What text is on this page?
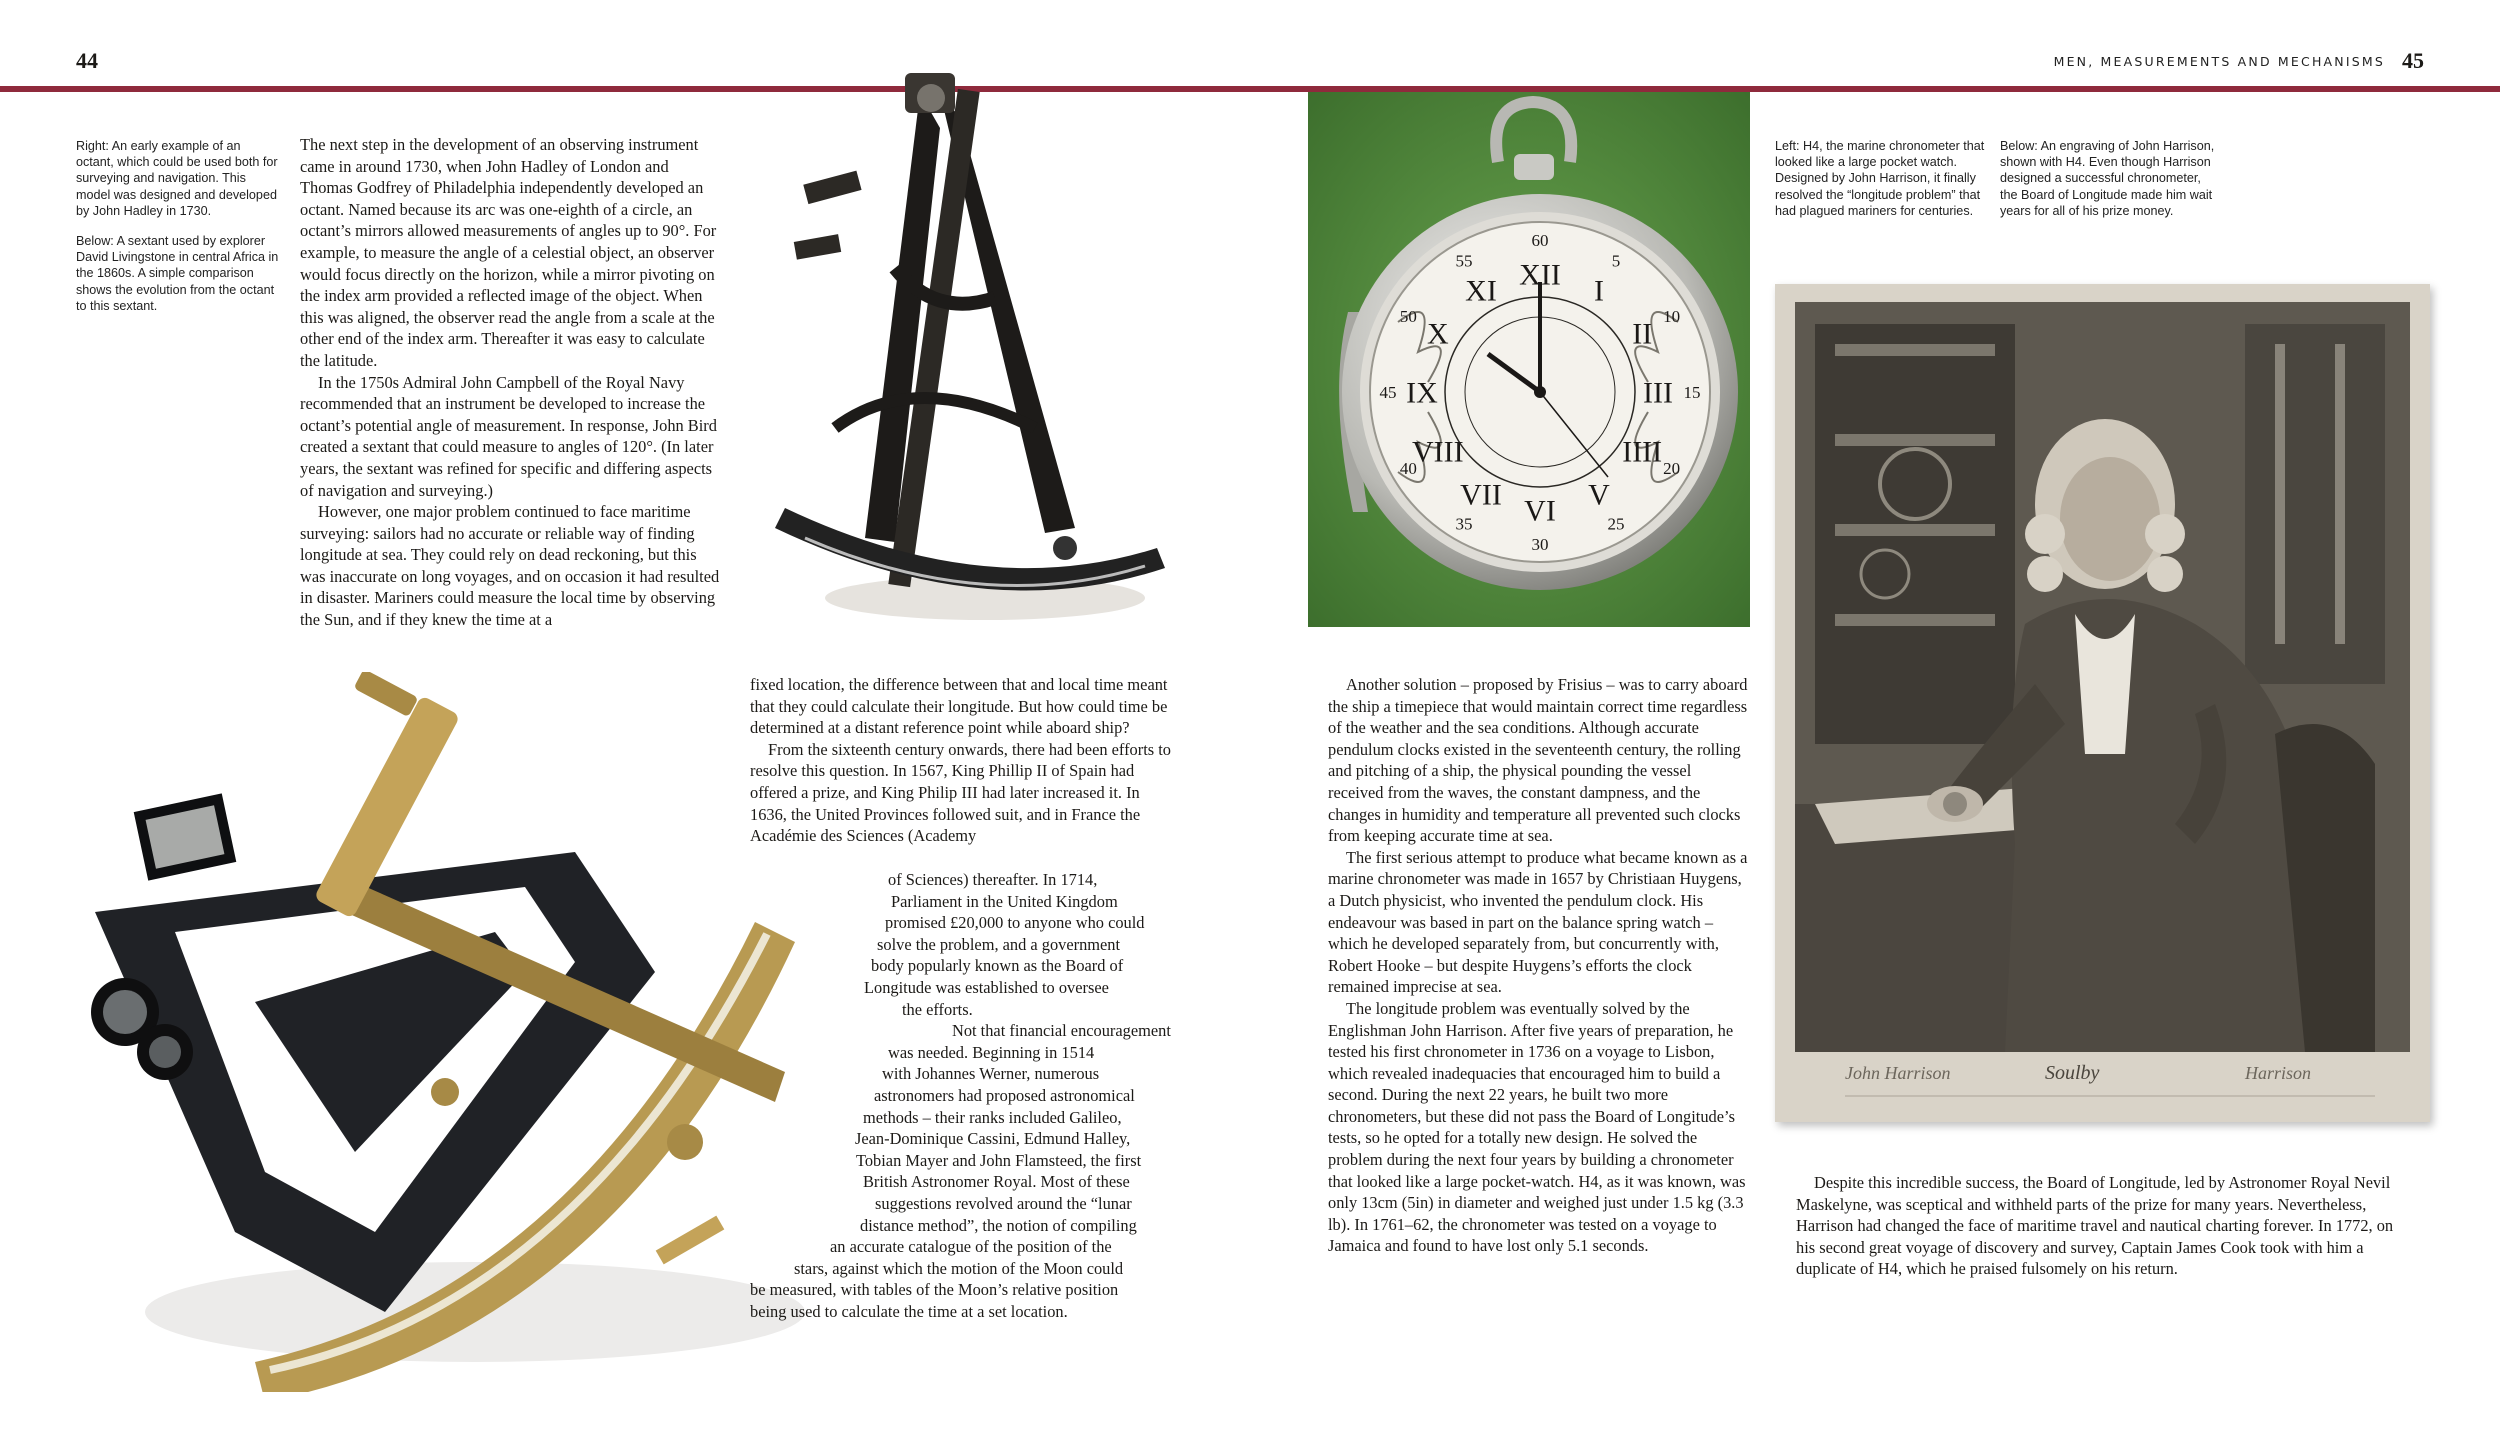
44	MEN, MEASUREMENTS AND MECHANISMS 45

Right: An early example of an octant, which could be used both for surveying and navigation. This model was designed and developed by John Hadley in 1730.

Below: A sextant used by explorer David Livingstone in central Africa in the 1860s. A simple comparison shows the evolution from the octant to this sextant.

The next step in the development of an observing instrument came in around 1730, when John Hadley of London and Thomas Godfrey of Philadelphia independently developed an octant. Named because its arc was one-eighth of a circle, an octant’s mirrors allowed measurements of angles up to 90°. For example, to measure the angle of a celestial object, an observer would focus directly on the horizon, while a mirror pivoting on the index arm provided a reflected image of the object. When this was aligned, the observer read the angle from a scale at the other end of the index arm. Thereafter it was easy to calculate the latitude.

In the 1750s Admiral John Campbell of the Royal Navy recommended that an instrument be developed to increase the octant’s potential angle of measurement. In response, John Bird created a sextant that could measure to angles of 120°. (In later years, the sextant was refined for specific and differing aspects of navigation and surveying.)

However, one major problem continued to face maritime surveying: sailors had no accurate or reliable way of finding longitude at sea. They could rely on dead reckoning, but this was inaccurate on long voyages, and on occasion it had resulted in disaster. Mariners could measure the local time by observing the Sun, and if they knew the time at a

fixed location, the difference between that and local time meant that they could calculate their longitude. But how could time be determined at a distant reference point while aboard ship?

From the sixteenth century onwards, there had been efforts to resolve this question. In 1567, King Phillip II of Spain had offered a prize, and King Philip III had later increased it. In 1636, the United Provinces followed suit, and in France the Académie des Sciences (Academy

of Sciences) thereafter. In 1714,
Parliament in the United Kingdom
promised £20,000 to anyone who could
solve the problem, and a government
body popularly known as the Board of
Longitude was established to oversee
the efforts.
Not that financial encouragement
was needed. Beginning in 1514
with Johannes Werner, numerous
astronomers had proposed astronomical
methods – their ranks included Galileo,
Jean-Dominique Cassini, Edmund Halley,
Tobian Mayer and John Flamsteed, the first
British Astronomer Royal. Most of these
suggestions revolved around the “lunar
distance method”, the notion of compiling
an accurate catalogue of the position of the
stars, against which the motion of the Moon could
be measured, with tables of the Moon’s relative position
being used to calculate the time at a set location.
XII I
II
III
IIII
V
VI
VII
VIII
IX
X
XI
60
5
10
15
20
25
30
35
40
45
50
55
Left: H4, the marine chronometer that looked like a large pocket watch. Designed by John Harrison, it finally resolved the “longitude problem” that had plagued mariners for centuries.
Below: An engraving of John Harrison, shown with H4. Even though Harrison designed a successful chronometer, the Board of Longitude made him wait years for all of his prize money.
John Harrison	Soulby	Harrison

Another solution – proposed by Frisius – was to carry aboard the ship a timepiece that would maintain correct time regardless of the weather and the sea conditions. Although accurate pendulum clocks existed in the seventeenth century, the rolling and pitching of a ship, the physical pounding the vessel received from the waves, the constant dampness, and the changes in humidity and temperature all prevented such clocks from keeping accurate time at sea.

The first serious attempt to produce what became known as a marine chronometer was made in 1657 by Christiaan Huygens, a Dutch physicist, who invented the pendulum clock. His endeavour was based in part on the balance spring watch – which he developed separately from, but concurrently with, Robert Hooke – but despite Huygens’s efforts the clock remained imprecise at sea.

The longitude problem was eventually solved by the Englishman John Harrison. After five years of preparation, he tested his first chronometer in 1736 on a voyage to Lisbon, which revealed inadequacies that encouraged him to build a second. During the next 22 years, he built two more chronometers, but these did not pass the Board of Longitude’s tests, so he opted for a totally new design. He solved the problem during the next four years by building a chronometer that looked like a large pocket-watch. H4, as it was known, was only 13cm (5in) in diameter and weighed just under 1.5 kg (3.3 lb). In 1761–62, the chronometer was tested on a voyage to Jamaica and found to have lost only 5.1 seconds.

Despite this incredible success, the Board of Longitude, led by Astronomer Royal Nevil Maskelyne, was sceptical and withheld parts of the prize for many years. Nevertheless, Harrison had changed the face of maritime travel and nautical charting forever. In 1772, on his second great voyage of discovery and survey, Captain James Cook took with him a duplicate of H4, which he praised fulsomely on his return.
